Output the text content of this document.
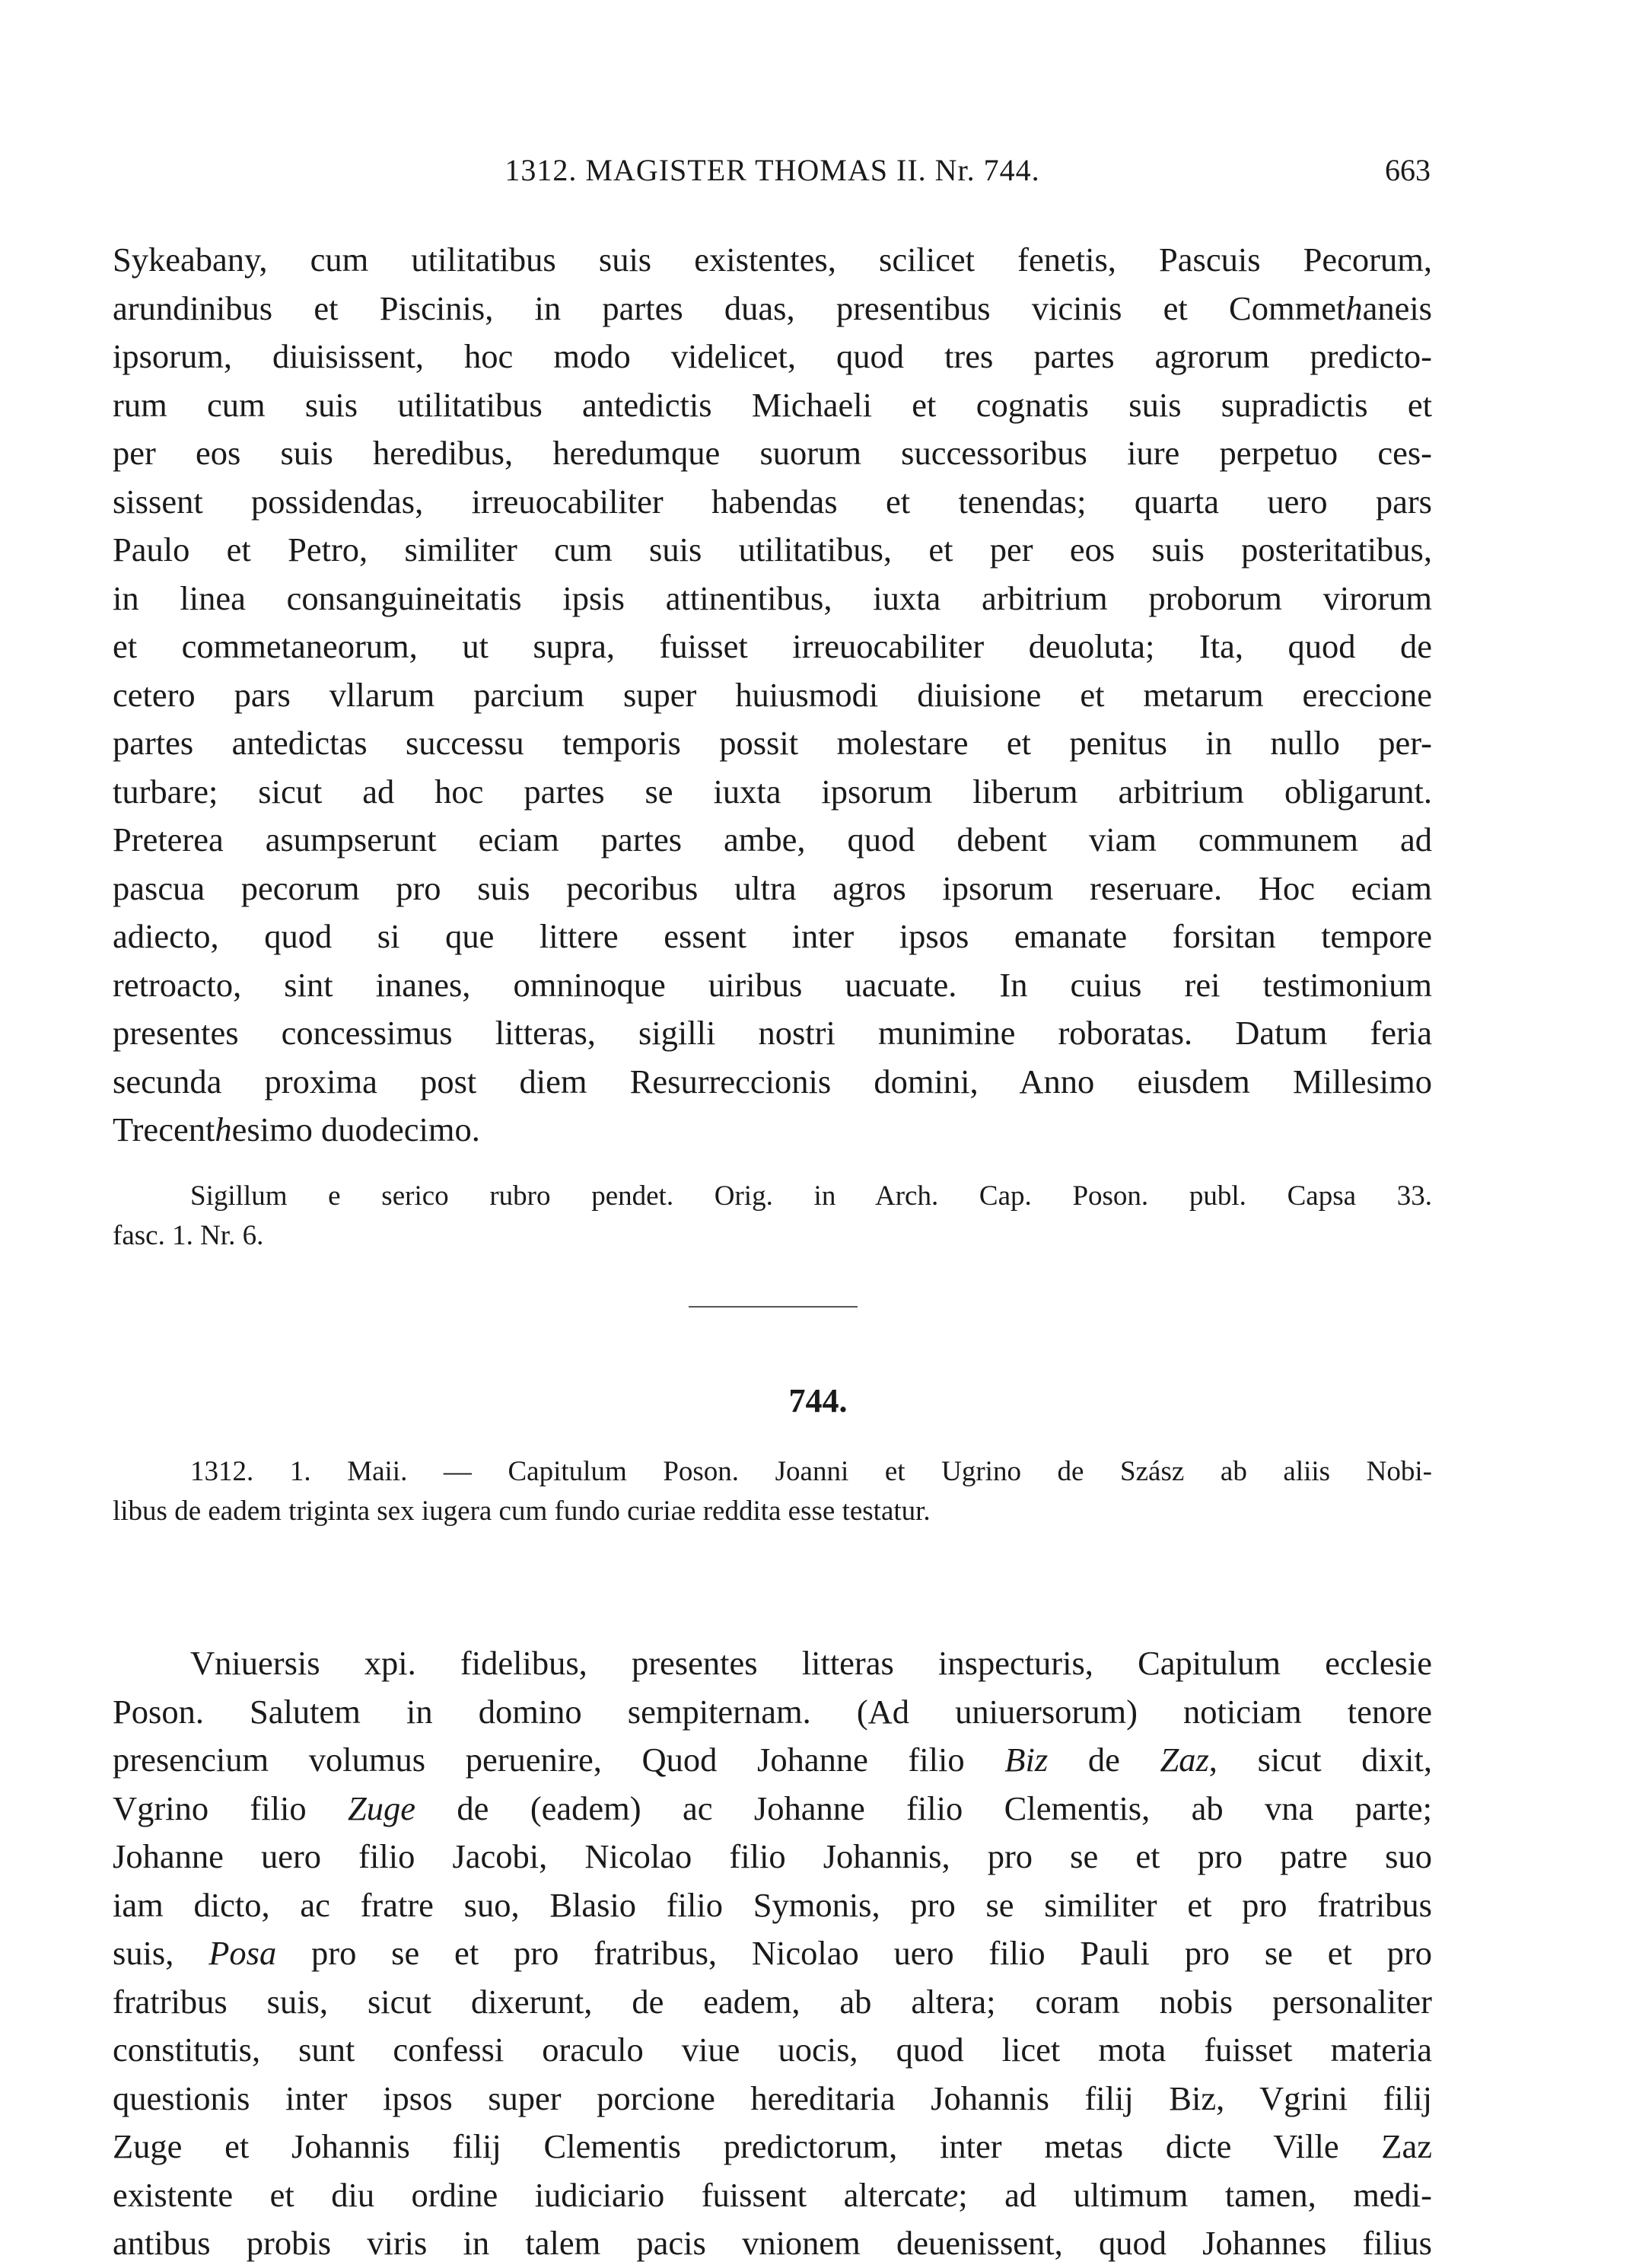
1312. MAGISTER THOMAS II. Nr. 744.	663
Sykeabany, cum utilitatibus suis existentes, scilicet fenetis, Pascuis Pecorum,
arundinibus et Piscinis, in partes duas, presentibus vicinis et Commethaneis
ipsorum, diuisissent, hoc modo videlicet, quod tres partes agrorum predicto-
rum cum suis utilitatibus antedictis Michaeli et cognatis suis supradictis et
per eos suis heredibus, heredumque suorum successoribus iure perpetuo ces-
sissent possidendas, irreuocabiliter habendas et tenendas; quarta uero pars
Paulo et Petro, similiter cum suis utilitatibus, et per eos suis posteritatibus,
in linea consanguineitatis ipsis attinentibus, iuxta arbitrium proborum virorum
et commetaneorum, ut supra, fuisset irreuocabiliter deuoluta; Ita, quod de
cetero pars vllarum parcium super huiusmodi diuisione et metarum ereccione
partes antedictas successu temporis possit molestare et penitus in nullo per-
turbare; sicut ad hoc partes se iuxta ipsorum liberum arbitrium obligarunt.
Preterea asumpserunt eciam partes ambe, quod debent viam communem ad
pascua pecorum pro suis pecoribus ultra agros ipsorum reseruare. Hoc eciam
adiecto, quod si que littere essent inter ipsos emanate forsitan tempore
retroacto, sint inanes, omninoque uiribus uacuate. In cuius rei testimonium
presentes concessimus litteras, sigilli nostri munimine roboratas. Datum feria
secunda proxima post diem Resurreccionis domini, Anno eiusdem Millesimo
Trecenthesimo duodecimo.
Sigillum e serico rubro pendet. Orig. in Arch. Cap. Poson. publ. Capsa 33.
fasc. 1. Nr. 6.
744.
1312. 1. Maii. — Capitulum Poson. Joanni et Ugrino de Szász ab aliis Nobi-
libus de eadem triginta sex iugera cum fundo curiae reddita esse testatur.
Vniuersis xpi. fidelibus, presentes litteras inspecturis, Capitulum ecclesie
Poson. Salutem in domino sempiternam. (Ad uniuersorum) noticiam tenore
presencium volumus peruenire, Quod Johanne filio Biz de Zaz, sicut dixit,
Vgrino filio Zuge de (eadem) ac Johanne filio Clementis, ab vna parte;
Johanne uero filio Jacobi, Nicolao filio Johannis, pro se et pro patre suo
iam dicto, ac fratre suo, Blasio filio Symonis, pro se similiter et pro fratribus
suis, Posa pro se et pro fratribus, Nicolao uero filio Pauli pro se et pro
fratribus suis, sicut dixerunt, de eadem, ab altera; coram nobis personaliter
constitutis, sunt confessi oraculo viue uocis, quod licet mota fuisset materia
questionis inter ipsos super porcione hereditaria Johannis filij Biz, Vgrini filij
Zuge et Johannis filij Clementis predictorum, inter metas dicte Ville Zaz
existente et diu ordine iudiciario fuissent altercate; ad ultimum tamen, medi-
antibus probis viris in talem pacis vnionem deuenissent, quod Johannes filius
